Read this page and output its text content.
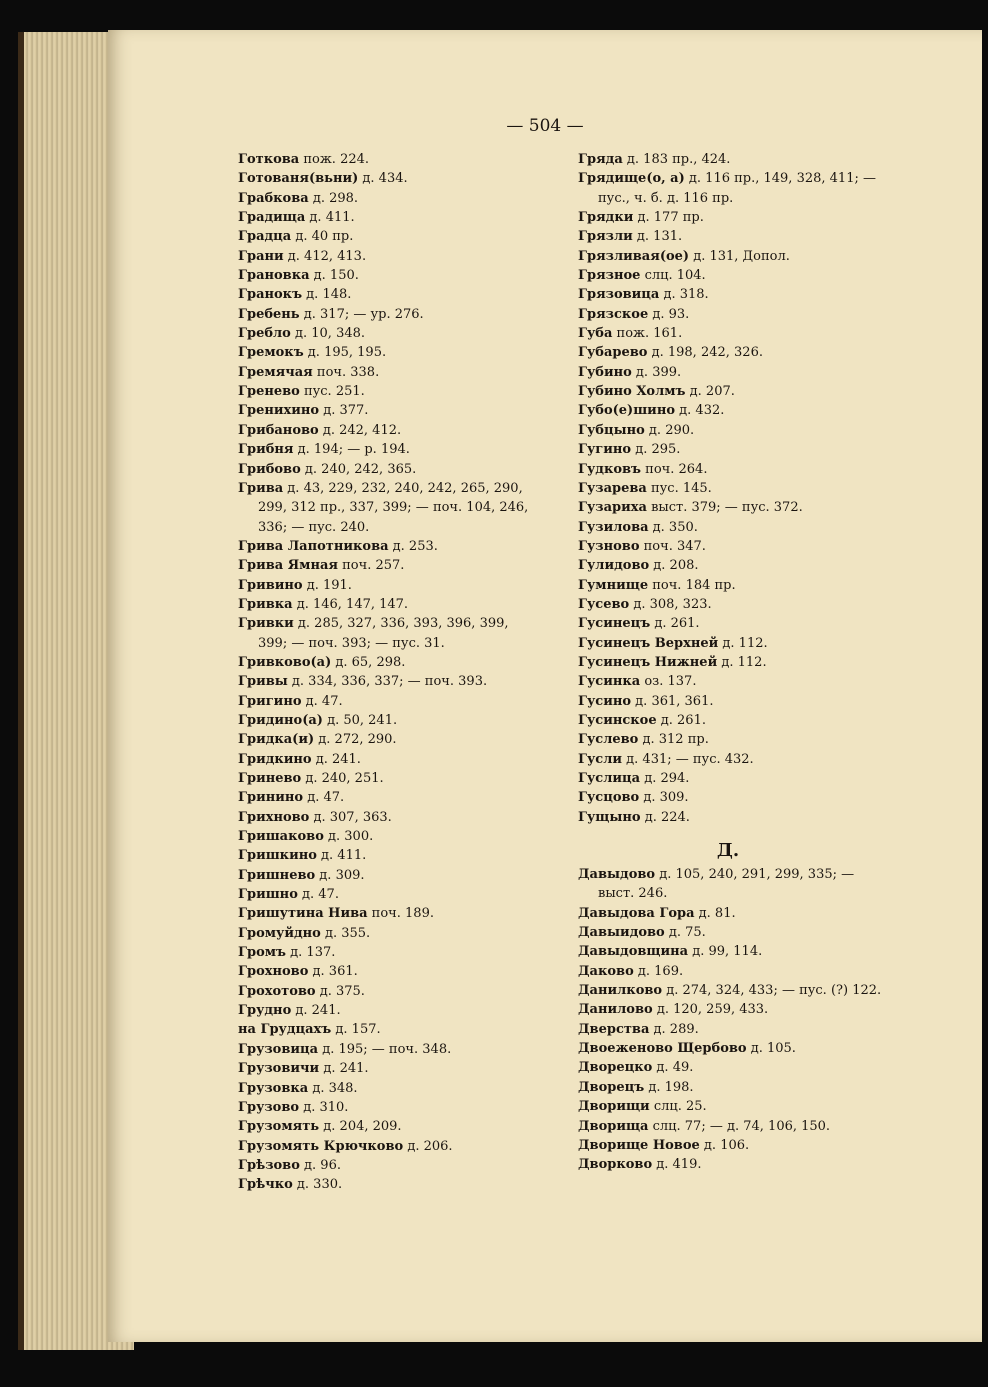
— 504 —
Готкова пож. 224.
Готованя(вьни) д. 434.
Грабкова д. 298.
Градища д. 411.
Градца д. 40 пр.
Грани д. 412, 413.
Грановка д. 150.
Гранокъ д. 148.
Гребень д. 317; — ур. 276.
Гребло д. 10, 348.
Гремокъ д. 195, 195.
Гремячая поч. 338.
Гренево пус. 251.
Гренихино д. 377.
Грибаново д. 242, 412.
Грибня д. 194; — р. 194.
Грибово д. 240, 242, 365.
Грива д. 43, 229, 232, 240, 242, 265, 290,
299, 312 пр., 337, 399; — поч. 104, 246,
336; — пус. 240.
Грива Лапотникова д. 253.
Грива Ямная поч. 257.
Гривино д. 191.
Гривка д. 146, 147, 147.
Гривки д. 285, 327, 336, 393, 396, 399,
399; — поч. 393; — пус. 31.
Гривково(а) д. 65, 298.
Гривы д. 334, 336, 337; — поч. 393.
Григино д. 47.
Гридино(а) д. 50, 241.
Гридка(и) д. 272, 290.
Гридкино д. 241.
Гринево д. 240, 251.
Гринино д. 47.
Грихново д. 307, 363.
Гришаково д. 300.
Гришкино д. 411.
Гришнево д. 309.
Гришно д. 47.
Гришутина Нива поч. 189.
Громуйдно д. 355.
Громъ д. 137.
Грохново д. 361.
Грохотово д. 375.
Грудно д. 241.
на Грудцахъ д. 157.
Грузовица д. 195; — поч. 348.
Грузовичи д. 241.
Грузовка д. 348.
Грузово д. 310.
Грузомять д. 204, 209.
Грузомять Крючково д. 206.
Грѣзово д. 96.
Грѣчко д. 330.
Гряда д. 183 пр., 424.
Грядище(о, а) д. 116 пр., 149, 328, 411; —
пус., ч. б. д. 116 пр.
Грядки д. 177 пр.
Грязли д. 131.
Грязливая(ое) д. 131, Допол.
Грязное слц. 104.
Грязовица д. 318.
Грязское д. 93.
Губа пож. 161.
Губарево д. 198, 242, 326.
Губино д. 399.
Губино Холмъ д. 207.
Губо(е)шино д. 432.
Губцыно д. 290.
Гугино д. 295.
Гудковъ поч. 264.
Гузарева пус. 145.
Гузариха выст. 379; — пус. 372.
Гузилова д. 350.
Гузново поч. 347.
Гулидово д. 208.
Гумнище поч. 184 пр.
Гусево д. 308, 323.
Гусинецъ д. 261.
Гусинецъ Верхней д. 112.
Гусинецъ Нижней д. 112.
Гусинка оз. 137.
Гусино д. 361, 361.
Гусинское д. 261.
Гуслево д. 312 пр.
Гусли д. 431; — пус. 432.
Гуслица д. 294.
Гусцово д. 309.
Гущыно д. 224.
Д.
Давыдово д. 105, 240, 291, 299, 335; —
выст. 246.
Давыдова Гора д. 81.
Давыидово д. 75.
Давыдовщина д. 99, 114.
Даково д. 169.
Данилково д. 274, 324, 433; — пус. (?) 122.
Данилово д. 120, 259, 433.
Дверства д. 289.
Двоеженово Щербово д. 105.
Дворецко д. 49.
Дворецъ д. 198.
Дворищи слц. 25.
Дворища слц. 77; — д. 74, 106, 150.
Дворище Новое д. 106.
Дворково д. 419.
